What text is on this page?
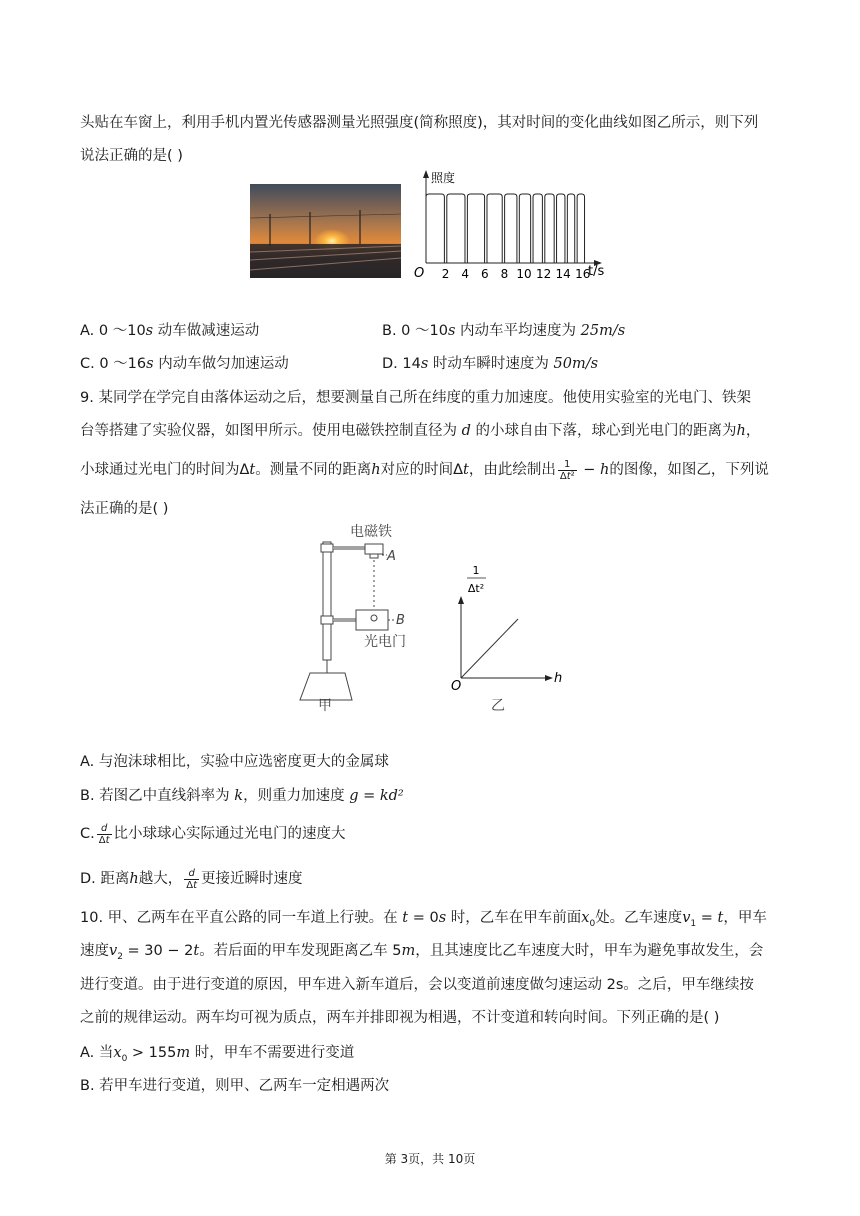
头贴在车窗上，利用手机内置光传感器测量光照强度(简称照度)，其对时间的变化曲线如图乙所示，则下列
说法正确的是( )
照度
O	t/s
2 4 6 8 10 12 14 16
A. 0 ～10s 动车做减速运动	B. 0 ～10s 内动车平均速度为 25m/s
C. 0 ～16s 内动车做匀加速运动	D. 14s 时动车瞬时速度为 50m/s
9. 某同学在学完自由落体运动之后，想要测量自己所在纬度的重力加速度。他使用实验室的光电门、铁架
台等搭建了实验仪器，如图甲所示。使用电磁铁控制直径为 d 的小球自由下落，球心到光电门的距离为h，
小球通过光电门的时间为Δt。测量不同的距离h对应的时间Δt，由此绘制出 $\frac{1}{\text{Δt²}} - h$的图像，如图乙，下列说
法正确的是( )
电磁铁
A
B
光电门
甲
1
Δt²
O
h
乙
A. 与泡沫球相比，实验中应选密度更大的金属球
B. 若图乙中直线斜率为 k，则重力加速度 g = kd²
C. $\frac{d}{\Delta t}$ 比小球球心实际通过光电门的速度大
D. 距离h越大， $\frac{d}{\Delta t}$ 更接近瞬时速度
10. 甲、乙两车在平直公路的同一车道上行驶。在 t = 0s 时，乙车在甲车前面$x_0$处。乙车速度$v_1 = t$，甲车
速度$v_2 = 30 - 2t$。若后面的甲车发现距离乙车 5m，且其速度比乙车速度大时，甲车为避免事故发生，会
进行变道。由于进行变道的原因，甲车进入新车道后，会以变道前速度做匀速运动 2s。之后，甲车继续按
之前的规律运动。两车均可视为质点，两车并排即视为相遇，不计变道和转向时间。下列正确的是( )
A. 当$x_0 > 155m$ 时，甲车不需要进行变道
B. 若甲车进行变道，则甲、乙两车一定相遇两次
第 3页，共 10页
